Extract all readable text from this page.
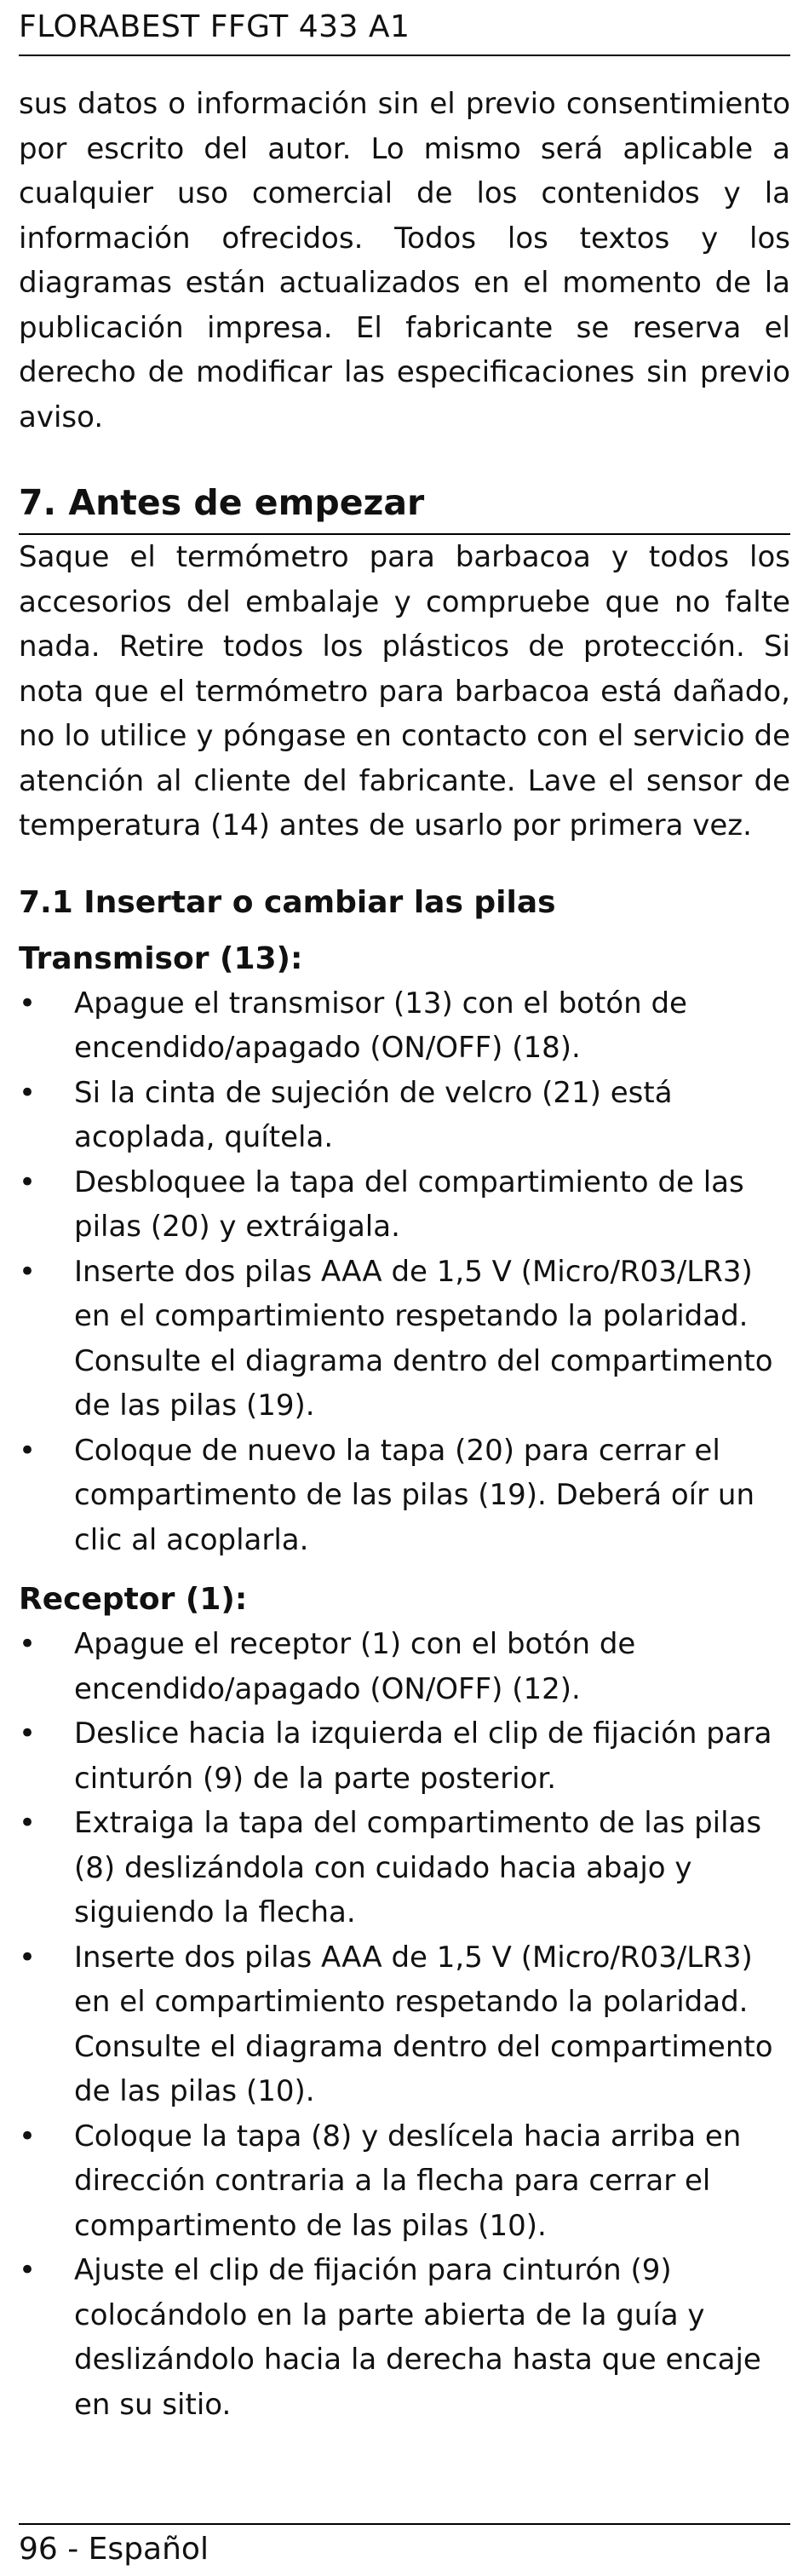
FLORABEST FFGT 433 A1

sus datos o información sin el previo consentimiento por escrito del autor. Lo mismo será aplicable a cualquier uso comercial de los contenidos y la información ofrecidos. Todos los textos y los diagramas están actualizados en el momento de la publicación impresa. El fabricante se reserva el derecho de modificar las especificaciones sin previo aviso.

7. Antes de empezar

Saque el termómetro para barbacoa y todos los accesorios del embalaje y compruebe que no falte nada. Retire todos los plásticos de protección. Si nota que el termómetro para barbacoa está dañado, no lo utilice y póngase en contacto con el servicio de atención al cliente del fabricante. Lave el sensor de temperatura (14) antes de usarlo por primera vez.

7.1 Insertar o cambiar las pilas
Transmisor (13):
•	Apague el transmisor (13) con el botón de encendido/apagado (ON/OFF) (18).
•	Si la cinta de sujeción de velcro (21) está acoplada, quítela.
•	Desbloquee la tapa del compartimiento de las pilas (20) y extráigala.
•	Inserte dos pilas AAA de 1,5 V (Micro/R03/LR3) en el compartimiento respetando la polaridad. Consulte el diagrama dentro del compartimento de las pilas (19).
•	Coloque de nuevo la tapa (20) para cerrar el compartimento de las pilas (19). Deberá oír un clic al acoplarla.
Receptor (1):
•	Apague el receptor (1) con el botón de encendido/apagado (ON/OFF) (12).
•	Deslice hacia la izquierda el clip de fijación para cinturón (9) de la parte posterior.
•	Extraiga la tapa del compartimento de las pilas (8) deslizándola con cuidado hacia abajo y siguiendo la flecha.
•	Inserte dos pilas AAA de 1,5 V (Micro/R03/LR3) en el compartimiento respetando la polaridad. Consulte el diagrama dentro del compartimento de las pilas (10).
•	Coloque la tapa (8) y deslícela hacia arriba en dirección contraria a la flecha para cerrar el compartimento de las pilas (10).
•	Ajuste el clip de fijación para cinturón (9) colocándolo en la parte abierta de la guía y deslizándolo hacia la derecha hasta que encaje en su sitio.
96 - Español
